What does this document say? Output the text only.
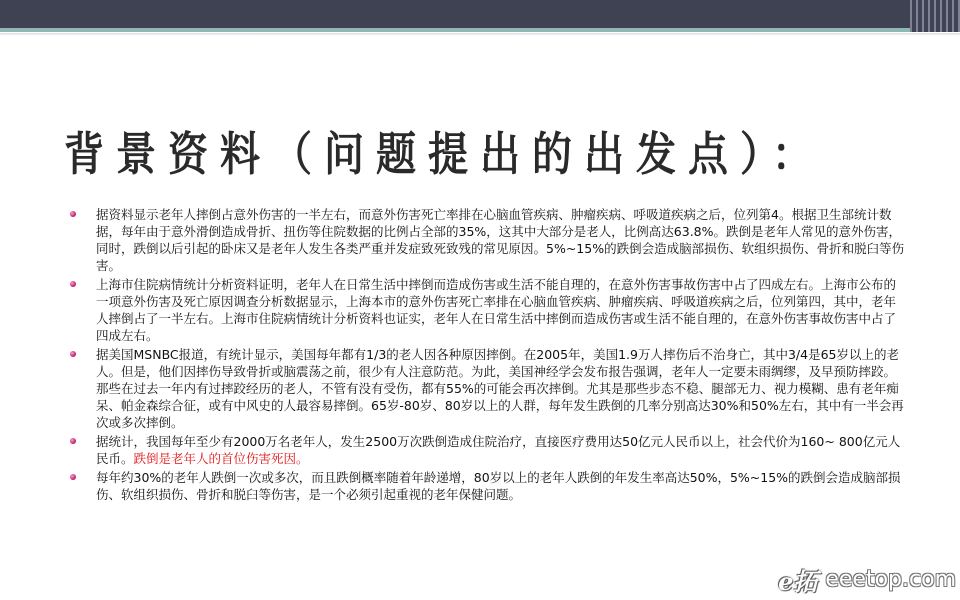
背景资料（问题提出的出发点）：
据资料显示老年人摔倒占意外伤害的一半左右，而意外伤害死亡率排在心脑血管疾病、肿瘤疾病、呼吸道疾病之后，位列第4。根据卫生部统计数据，每年由于意外滑倒造成骨折、扭伤等住院数据的比例占全部的35%，这其中大部分是老人，比例高达63.8%。跌倒是老年人常见的意外伤害，同时，跌倒以后引起的卧床又是老年人发生各类严重并发症致死致残的常见原因。5%~15%的跌倒会造成脑部损伤、软组织损伤、骨折和脱臼等伤害。
上海市住院病情统计分析资料证明，老年人在日常生活中摔倒而造成伤害或生活不能自理的，在意外伤害事故伤害中占了四成左右。上海市公布的一项意外伤害及死亡原因调查分析数据显示，上海本市的意外伤害死亡率排在心脑血管疾病、肿瘤疾病、呼吸道疾病之后，位列第四，其中，老年人摔倒占了一半左右。上海市住院病情统计分析资料也证实，老年人在日常生活中摔倒而造成伤害或生活不能自理的，在意外伤害事故伤害中占了四成左右。
据美国MSNBC报道，有统计显示，美国每年都有1/3的老人因各种原因摔倒。在2005年，美国1.9万人摔伤后不治身亡，其中3/4是65岁以上的老人。但是，他们因摔伤导致骨折或脑震荡之前，很少有人注意防范。为此，美国神经学会发布报告强调，老年人一定要未雨绸缪，及早预防摔跤。那些在过去一年内有过摔跤经历的老人，不管有没有受伤，都有55%的可能会再次摔倒。尤其是那些步态不稳、腿部无力、视力模糊、患有老年痴呆、帕金森综合征，或有中风史的人最容易摔倒。65岁-80岁、80岁以上的人群，每年发生跌倒的几率分别高达30%和50%左右，其中有一半会再次或多次摔倒。
据统计，我国每年至少有2000万名老年人，发生2500万次跌倒造成住院治疗，直接医疗费用达50亿元人民币以上，社会代价为160~ 800亿元人民币。跌倒是老年人的首位伤害死因。
每年约30%的老年人跌倒一次或多次，而且跌倒概率随着年龄递增，80岁以上的老年人跌倒的年发生率高达50%，5%~15%的跌倒会造成脑部损伤、软组织损伤、骨折和脱臼等伤害，是一个必须引起重视的老年保健问题。
e拓 eeetop.com
